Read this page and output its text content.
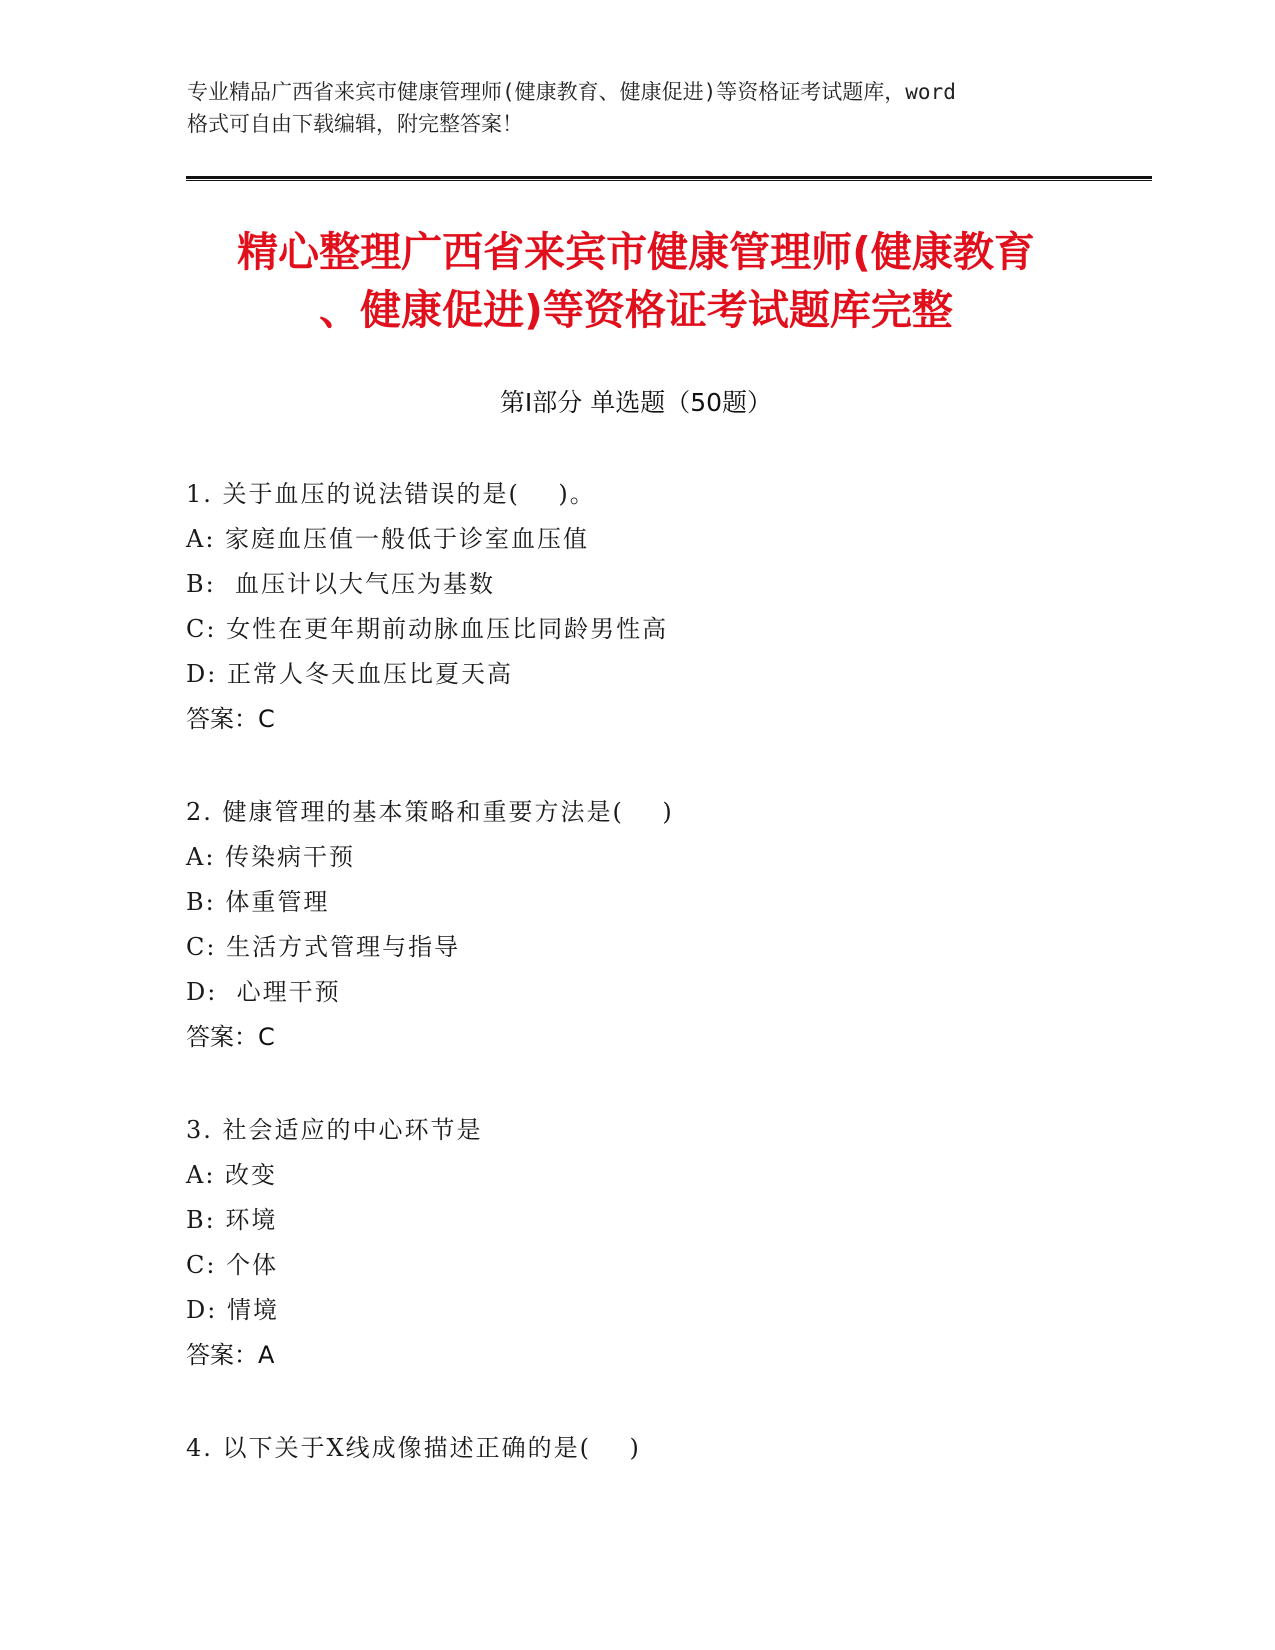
专业精品广西省来宾市健康管理师(健康教育、健康促进)等资格证考试题库，word
格式可自由下载编辑，附完整答案！
精心整理广西省来宾市健康管理师(健康教育
、健康促进)等资格证考试题库完整
第Ⅰ部分 单选题（50题）
1. 关于血压的说法错误的是(    )。
A: 家庭血压值一般低于诊室血压值
B:  血压计以大气压为基数
C: 女性在更年期前动脉血压比同龄男性高
D: 正常人冬天血压比夏天高
答案：C
2. 健康管理的基本策略和重要方法是(    )
A: 传染病干预
B: 体重管理
C: 生活方式管理与指导
D:  心理干预
答案：C
3. 社会适应的中心环节是
A: 改变
B: 环境
C: 个体
D: 情境
答案：A
4. 以下关于X线成像描述正确的是(    )
